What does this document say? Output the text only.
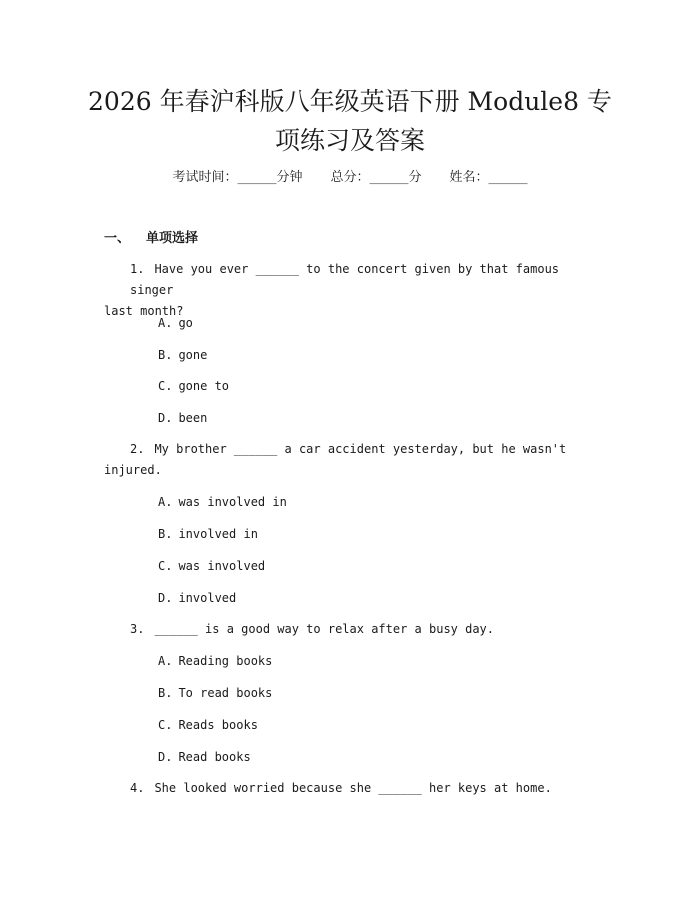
2026 年春沪科版八年级英语下册 Module8 专
项练习及答案
考试时间：______分钟 总分：______分 姓名：______
一、 单项选择
1. Have you ever ______ to the concert given by that famous singer
last month?
A. go
B. gone
C. gone to
D. been
2. My brother ______ a car accident yesterday, but he wasn't
injured.
A. was involved in
B. involved in
C. was involved
D. involved
3. ______ is a good way to relax after a busy day.
A. Reading books
B. To read books
C. Reads books
D. Read books
4. She looked worried because she ______ her keys at home.
